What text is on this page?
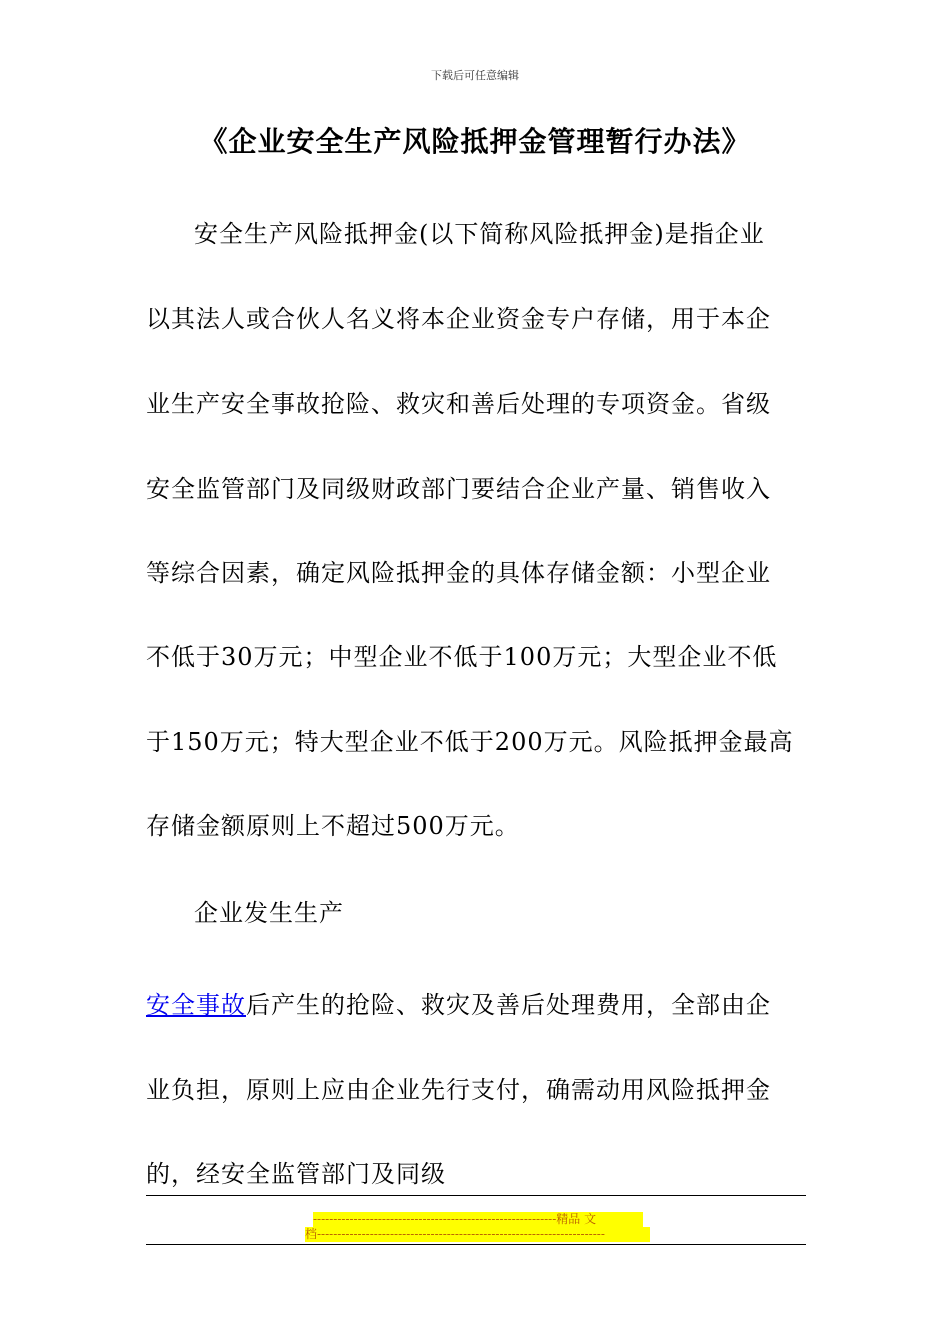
下载后可任意编辑
《企业安全生产风险抵押金管理暂行办法》
安全生产风险抵押金(以下简称风险抵押金)是指企业
以其法人或合伙人名义将本企业资金专户存储，用于本企
业生产安全事故抢险、救灾和善后处理的专项资金。省级
安全监管部门及同级财政部门要结合企业产量、销售收入
等综合因素，确定风险抵押金的具体存储金额：小型企业
不低于30万元；中型企业不低于100万元；大型企业不低
于150万元；特大型企业不低于200万元。风险抵押金最高
存储金额原则上不超过500万元。
企业发生生产
安全事故后产生的抢险、救灾及善后处理费用，全部由企
业负担，原则上应由企业先行支付，确需动用风险抵押金
的，经安全监管部门及同级
------------------------------------------------------------精品 文
档-----------------------------------------------------------------------
